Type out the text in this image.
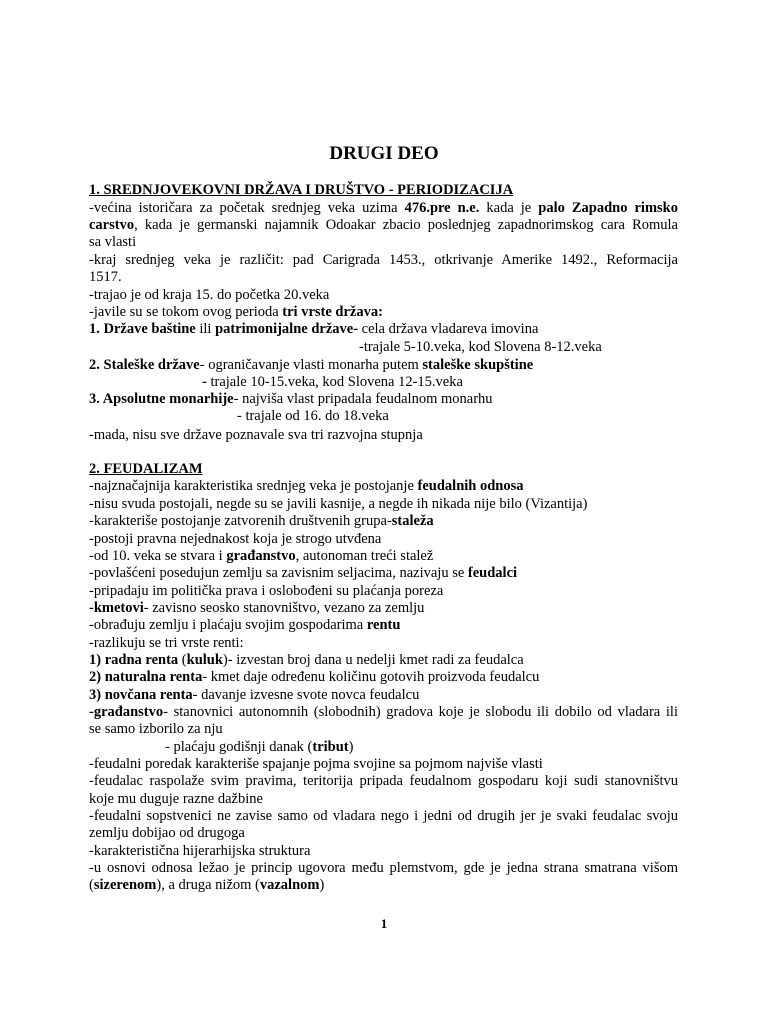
DRUGI DEO
1. SREDNJOVEKOVNI DRŽAVA I DRUŠTVO - PERIODIZACIJA
-većina istoričara za početak srednjeg veka uzima 476.pre n.e. kada je palo Zapadno rimsko
carstvo, kada je germanski najamnik Odoakar zbacio poslednjeg zapadnorimskog cara Romula
sa vlasti
-kraj srednjeg veka je različit: pad Carigrada 1453., otkrivanje Amerike 1492., Reformacija
1517.
-trajao je od kraja 15. do početka 20.veka
-javile su se tokom ovog perioda tri vrste država:
1. Države baštine ili patrimonijalne države- cela država vladareva imovina
-trajale 5-10.veka, kod Slovena 8-12.veka
2. Staleške države- ograničavanje vlasti monarha putem staleške skupštine
- trajale 10-15.veka, kod Slovena 12-15.veka
3. Apsolutne monarhije- najviša vlast pripadala feudalnom monarhu
- trajale od 16. do 18.veka
-mada, nisu sve države poznavale sva tri razvojna stupnja
2. FEUDALIZAM
-najznačajnija karakteristika srednjeg veka je postojanje feudalnih odnosa
-nisu svuda postojali, negde su se javili kasnije, a negde ih nikada nije bilo (Vizantija)
-karakteriše postojanje zatvorenih društvenih grupa-staleža
-postoji pravna nejednakost koja je strogo utvđena
-od 10. veka se stvara i građanstvo, autonoman treći stalež
-povlašćeni posedujun zemlju sa zavisnim seljacima, nazivaju se feudalci
-pripadaju im politička prava i oslobođeni su plaćanja poreza
-kmetovi- zavisno seosko stanovništvo, vezano za zemlju
-obrađuju zemlju i plaćaju svojim gospodarima rentu
-razlikuju se tri vrste renti:
1) radna renta (kuluk)- izvestan broj dana u nedelji kmet radi za feudalca
2) naturalna renta- kmet daje određenu količinu gotovih proizvoda feudalcu
3) novčana renta- davanje izvesne svote novca feudalcu
-građanstvo- stanovnici autonomnih (slobodnih) gradova koje je slobodu ili dobilo od vladara ili
se samo izborilo za nju
- plaćaju godišnji danak (tribut)
-feudalni poredak karakteriše spajanje pojma svojine sa pojmom najviše vlasti
-feudalac raspolaže svim pravima, teritorija pripada feudalnom gospodaru koji sudi stanovništvu
koje mu duguje razne dažbine
-feudalni sopstvenici ne zavise samo od vladara nego i jedni od drugih jer je svaki feudalac svoju
zemlju dobijao od drugoga
-karakteristična hijerarhijska struktura
-u osnovi odnosa ležao je princip ugovora među plemstvom, gde je jedna strana smatrana višom
(sizerenom), a druga nižom (vazalnom)
1
